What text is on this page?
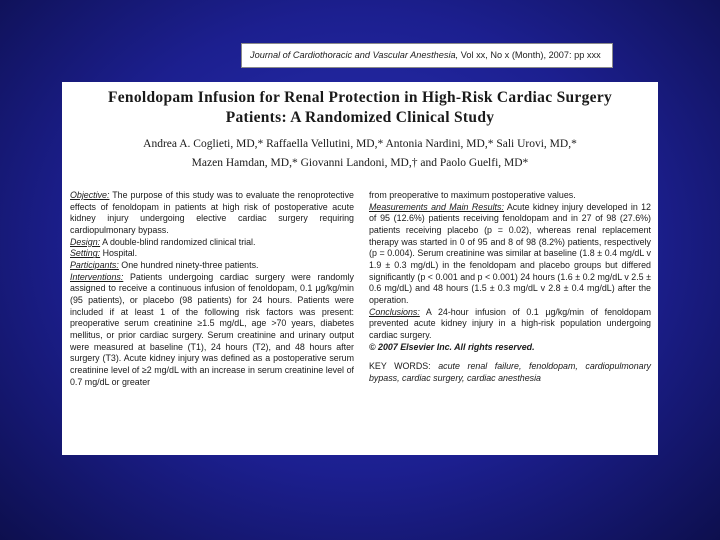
Journal of Cardiothoracic and Vascular Anesthesia, Vol xx, No x (Month), 2007: pp xxx
Fenoldopam Infusion for Renal Protection in High-Risk Cardiac Surgery
Patients: A Randomized Clinical Study
Andrea A. Coglieti, MD,* Raffaella Vellutini, MD,* Antonia Nardini, MD,* Sali Urovi, MD,*
Mazen Hamdan, MD,* Giovanni Landoni, MD,† and Paolo Guelfi, MD*

Objective: The purpose of this study was to evaluate the renoprotective effects of fenoldopam in patients at high risk of postoperative acute kidney injury undergoing elective cardiac surgery requiring cardiopulmonary bypass.

Design: A double-blind randomized clinical trial.

Setting: Hospital.

Participants: One hundred ninety-three patients.

Interventions: Patients undergoing cardiac surgery were randomly assigned to receive a continuous infusion of fenoldopam, 0.1 μg/kg/min (95 patients), or placebo (98 patients) for 24 hours. Patients were included if at least 1 of the following risk factors was present: preoperative serum creatinine ≥1.5 mg/dL, age >70 years, diabetes mellitus, or prior cardiac surgery. Serum creatinine and urinary output were measured at baseline (T1), 24 hours (T2), and 48 hours after surgery (T3). Acute kidney injury was defined as a postoperative serum creatinine level of ≥2 mg/dL with an increase in serum creatinine level of 0.7 mg/dL or greater

from preoperative to maximum postoperative values.

Measurements and Main Results: Acute kidney injury developed in 12 of 95 (12.6%) patients receiving fenoldopam and in 27 of 98 (27.6%) patients receiving placebo (p = 0.02), whereas renal replacement therapy was started in 0 of 95 and 8 of 98 (8.2%) patients, respectively (p = 0.004). Serum creatinine was similar at baseline (1.8 ± 0.4 mg/dL v 1.9 ± 0.3 mg/dL) in the fenoldopam and placebo groups but differed significantly (p < 0.001 and p < 0.001) 24 hours (1.6 ± 0.2 mg/dL v 2.5 ± 0.6 mg/dL) and 48 hours (1.5 ± 0.3 mg/dL v 2.8 ± 0.4 mg/dL) after the operation.

Conclusions: A 24-hour infusion of 0.1 μg/kg/min of fenoldopam prevented acute kidney injury in a high-risk population undergoing cardiac surgery.

© 2007 Elsevier Inc. All rights reserved.

KEY WORDS: acute renal failure, fenoldopam, cardiopulmonary bypass, cardiac surgery, cardiac anesthesia
